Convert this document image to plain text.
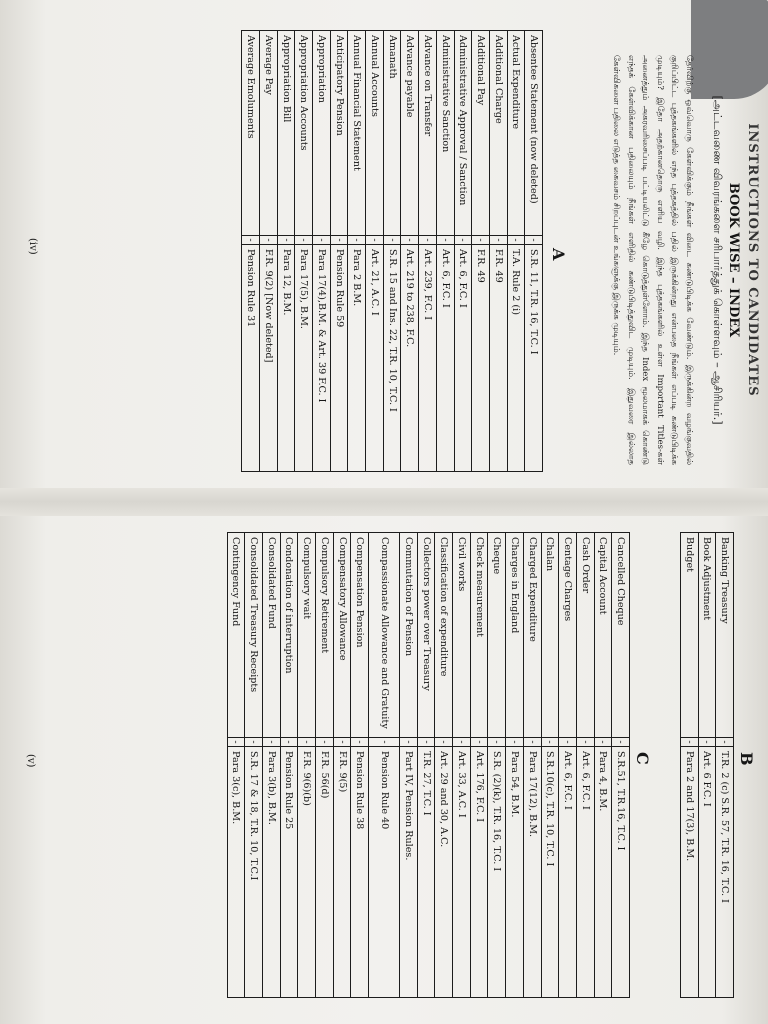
INSTRUCTIONS TO CANDIDATES
BOOK WISE – INDEX
[அட்டவணை விவரங்களை சரிபார்த்துக் கொள்ளவும் – ஆசிரியர்.]
தேர்விற்கு ஒவ்வொரு கேள்விக்கும் நீங்கள் விடை கண்டுபிடிக்க வேண்டும். இருக்கின்ற வழங்குவதில் குறிப்பிட்ட புத்தகங்களில் எந்த புத்தகத்தில் பதில் இருக்கின்றது என்பதை நீங்கள் எப்படி கண்டுபிடிக்க முடியும்? இதோ அதற்கானதொரு எளிய வழி. இந்த புத்தகங்களில் உள்ள Important Titles-கள் அனைத்தும் அகரவரிசைப்படி பட்டியலிட்டு கீழே கொடுத்துள்ளோம். இந்த Index மூலமாகக் கொண்டு எந்தக் கேள்விக்கான பதிலையும் நீங்கள் எளிதில் கண்டுபிடித்துவிட முடியும். இதுவரை இல்லாத கேள்விகளை பதிலை எடுத்த கைவசம் சிறப்புடன் உங்களுக்கு இருக்க முடியும்.
A
Absentee Statement (now deleted)	-	S.R. 11, T.R. 16, T.C. I
Actual Expenditure	-	T.A. Rule 2 (i)
Additional Charge	-	F.R. 49
Additional Pay	-	F.R. 49
Administrative Approval / Sanction	-	Art. 6, F.C. I
Administrative Sanction	-	Art. 6, F.C. I
Advance on Transfer	-	Art. 239, F.C. I
Advance payable	-	Art. 219 to 238, F.C.
Amanath	-	S.R. 15 and Ins. 22, T.R. 10, T.C. I
Annual Accounts	-	Art. 21, A.C. I
Annual Financial Statement	-	Para 2 B.M.
Anticipatory Pension	-	Pension Rule 59
Appropriation	-	Para 17(4),B.M. & Art. 39 F.C. I
Appropriation Accounts	-	Para 17(5), B.M.
Appropriation Bill	-	Para 12, B.M.
Average Pay	-	F.R. 9(2) [Now deleted]
Average Emoluments	-	Pension Rule 31
(iv)
B
Banking Treasury	-	T.R. 2 (c) S.R. 57, T.R. 16, T.C. I
Book Adjustment	-	Art. 6 F.C. I
Budget	-	Para 2 and 17(3), B.M.
C
Cancelled Cheque	-	S.R.51, T.R.16, T.C. I
Capital Account	-	Para 4, B.M.
Cash Order	-	Art. 6, F.C. I
Centage Charges	-	Art. 6, F.C. I
Chalan	-	S.R.10(c), T.R. 10, T.C. I
Charged Expenditure	-	Para 17(12), B.M.
Charges in England	-	Para 54, B.M.
Cheque	-	S.R. (2)(k), T.R. 16, T.C. I
Check measurement	-	Art. 176, F.C. I
Civil works	-	Art. 33, A.C. I
Classification of expenditure	-	Art. 29 and 30, A.C.
Collectors power over Treasury	-	T.R. 27, T.C. I
Commutation of Pension	-	Part IV, Pension Rules.
Compassionate Allowance and Gratuity	-	Pension Rule 40
Compensation Pension	-	Pension Rule 38
Compensatory Allowance	-	F.R. 9(5)
Compulsory Retirement	-	F.R. 56(d)
Compulsory wait	-	F.R. 9(6)(b)
Condonation of interruption	-	Pension Rule 25
Consolidated Fund	-	Para 3(b), B.M.
Consolidated Treasury Receipts	-	S.R. 17 & 18, T.R. 10, T.C.I
Contingency Fund	-	Para 3(c), B.M.
(v)
